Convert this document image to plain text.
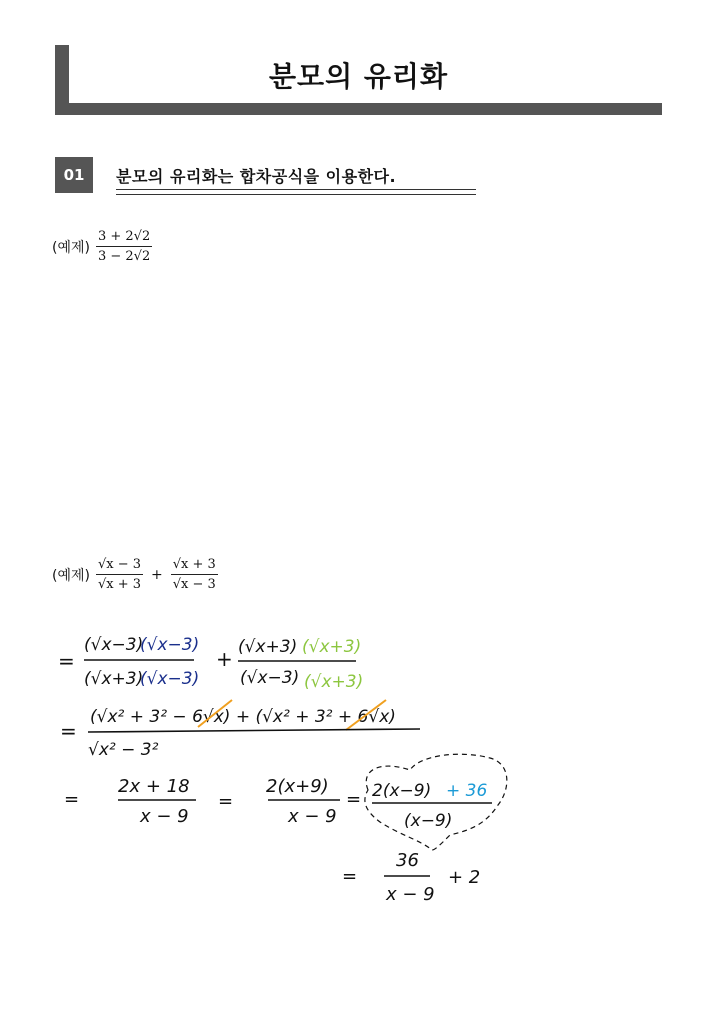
분모의 유리화
01	분모의 유리화는 합차공식을 이용한다.
(예제) $\frac{3 + 2√2}{3 - 2√2}$
(예제) $\frac{√x - 3}{√x + 3} + \frac{√x + 3}{√x - 3}$
=
(√x−3)
(√x−3)
(√x+3)
(√x−3)
+ (√x+3) (√x+3)
(√x−3) (√x+3)
=
(√x² + 3² − 6√x) + (√x² + 3² + 6√x)
√x² − 3²
=
2x + 18
x − 9
=
2(x+9)
x − 9
= 2(x−9) + 36
(x−9)
=
36
x − 9
+ 2
